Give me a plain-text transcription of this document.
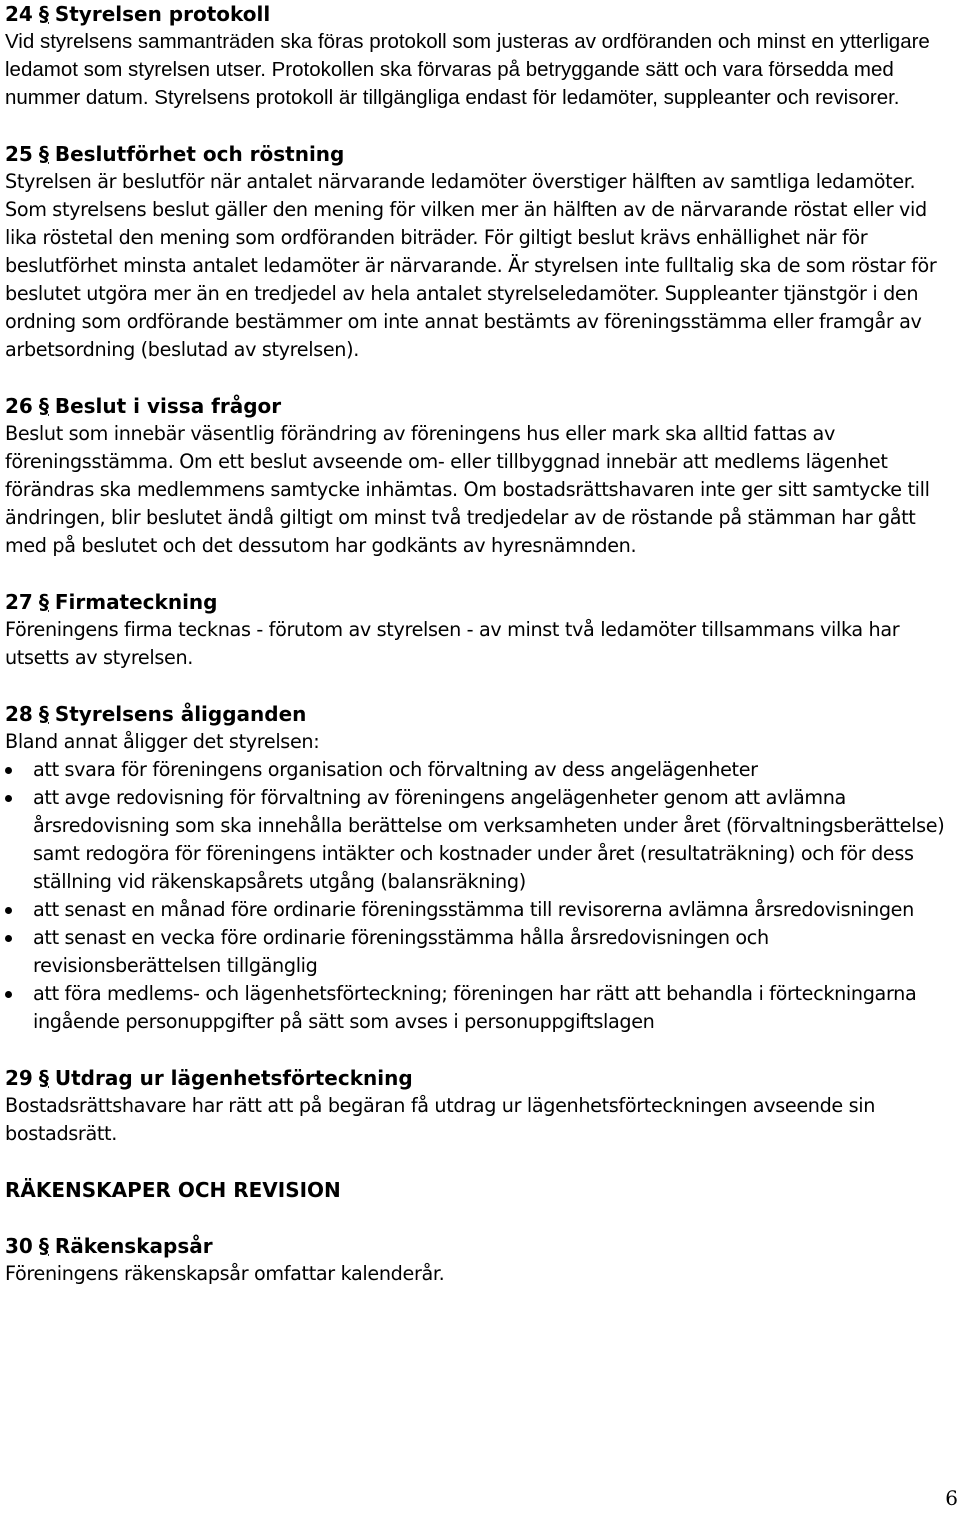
24 § Styrelsen protokoll

Vid styrelsens sammanträden ska föras protokoll som justeras av ordföranden och minst en ytterligare ledamot som styrelsen utser. Protokollen ska förvaras på betryggande sätt och vara försedda med nummer datum. Styrelsens protokoll är tillgängliga endast för ledamöter, suppleanter och revisorer.

25 § Beslutförhet och röstning

Styrelsen är beslutför när antalet närvarande ledamöter överstiger hälften av samtliga ledamöter. Som styrelsens beslut gäller den mening för vilken mer än hälften av de närvarande röstat eller vid lika röstetal den mening som ordföranden biträder. För giltigt beslut krävs enhällighet när för beslutförhet minsta antalet ledamöter är närvarande. Är styrelsen inte fulltalig ska de som röstar för beslutet utgöra mer än en tredjedel av hela antalet styrelseledamöter. Suppleanter tjänstgör i den ordning som ordförande bestämmer om inte annat bestämts av föreningsstämma eller framgår av arbetsordning (beslutad av styrelsen).

26 § Beslut i vissa frågor

Beslut som innebär väsentlig förändring av föreningens hus eller mark ska alltid fattas av föreningsstämma. Om ett beslut avseende om- eller tillbyggnad innebär att medlems lägenhet förändras ska medlemmens samtycke inhämtas. Om bostadsrättshavaren inte ger sitt samtycke till ändringen, blir beslutet ändå giltigt om minst två tredjedelar av de röstande på stämman har gått med på beslutet och det dessutom har godkänts av hyresnämnden.

27 § Firmateckning

Föreningens firma tecknas - förutom av styrelsen - av minst två ledamöter tillsammans vilka har utsetts av styrelsen.

28 § Styrelsens åligganden

Bland annat åligger det styrelsen:

att svara för föreningens organisation och förvaltning av dess angelägenheter
att avge redovisning för förvaltning av föreningens angelägenheter genom att avlämna årsredovisning som ska innehålla berättelse om verksamheten under året (förvaltningsberättelse) samt redogöra för föreningens intäkter och kostnader under året (resultaträkning) och för dess ställning vid räkenskapsårets utgång (balansräkning)
att senast en månad före ordinarie föreningsstämma till revisorerna avlämna årsredovisningen
att senast en vecka före ordinarie föreningsstämma hålla årsredovisningen och revisionsberättelsen tillgänglig
att föra medlems- och lägenhetsförteckning; föreningen har rätt att behandla i förteckningarna ingående personuppgifter på sätt som avses i personuppgiftslagen
29 § Utdrag ur lägenhetsförteckning

Bostadsrättshavare har rätt att på begäran få utdrag ur lägenhetsförteckningen avseende sin bostadsrätt.

RÄKENSKAPER OCH REVISION
30 § Räkenskapsår

Föreningens räkenskapsår omfattar kalenderår.

6
